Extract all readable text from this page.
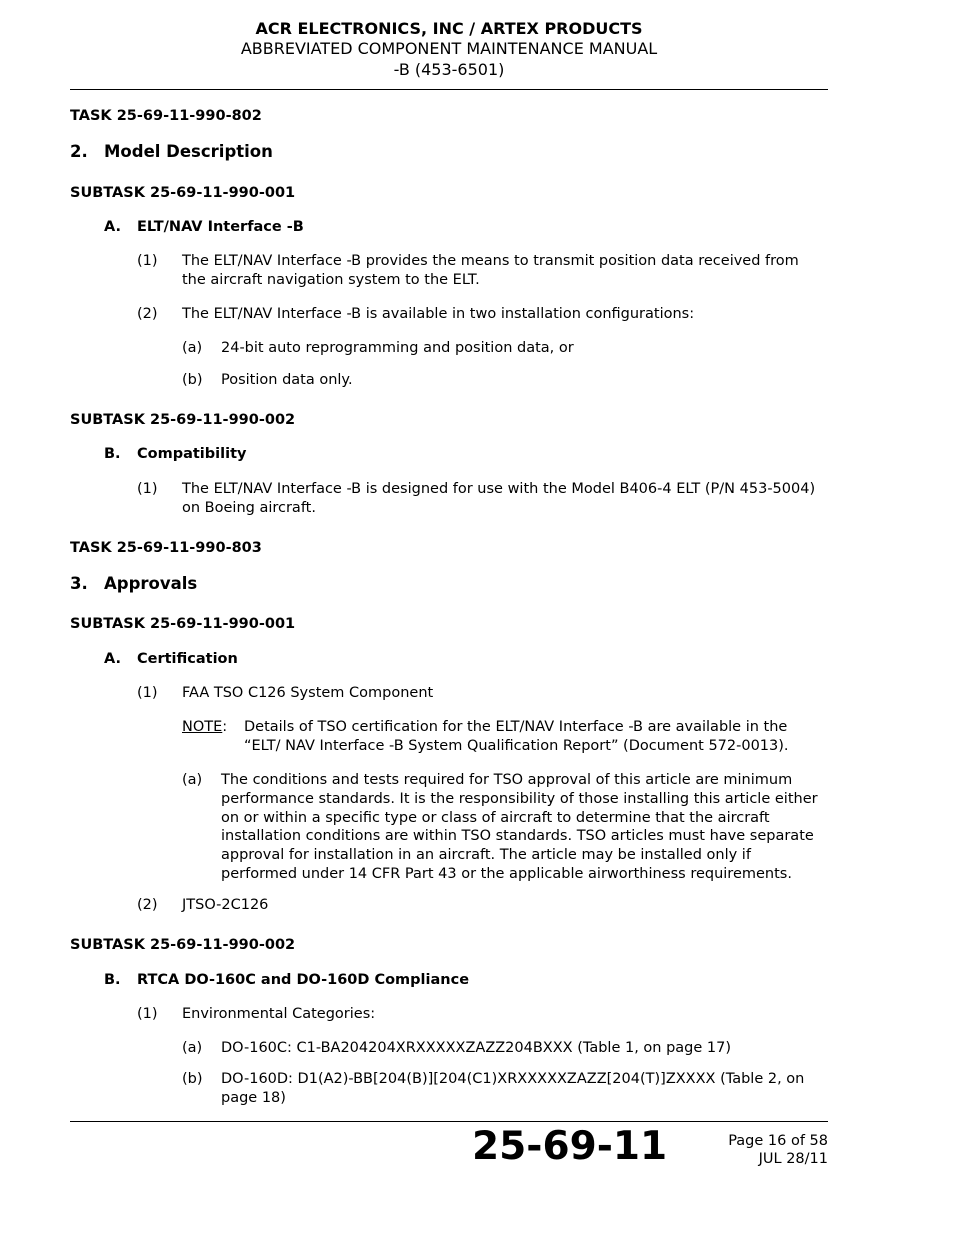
ACR ELECTRONICS, INC / ARTEX PRODUCTS
ABBREVIATED COMPONENT MAINTENANCE MANUAL
-B (453-6501)
TASK 25-69-11-990-802
2. Model Description
SUBTASK 25-69-11-990-001
A. ELT/NAV Interface -B
(1) The ELT/NAV Interface -B provides the means to transmit position data received from the aircraft navigation system to the ELT.
(2) The ELT/NAV Interface -B is available in two installation configurations:
(a) 24-bit auto reprogramming and position data, or
(b) Position data only.
SUBTASK 25-69-11-990-002
B. Compatibility
(1) The ELT/NAV Interface -B is designed for use with the Model B406-4 ELT (P/N 453-5004) on Boeing aircraft.
TASK 25-69-11-990-803
3. Approvals
SUBTASK 25-69-11-990-001
A. Certification
(1) FAA TSO C126 System Component
NOTE: Details of TSO certification for the ELT/NAV Interface -B are available in the “ELT/ NAV Interface -B System Qualification Report” (Document 572-0013).
(a) The conditions and tests required for TSO approval of this article are minimum performance standards. It is the responsibility of those installing this article either on or within a specific type or class of aircraft to determine that the aircraft installation conditions are within TSO standards. TSO articles must have separate approval for installation in an aircraft. The article may be installed only if performed under 14 CFR Part 43 or the applicable airworthiness requirements.
(2) JTSO-2C126
SUBTASK 25-69-11-990-002
B. RTCA DO-160C and DO-160D Compliance
(1) Environmental Categories:
(a) DO-160C: C1-BA204204XRXXXXXZAZZ204BXXX (Table 1, on page 17)
(b) DO-160D: D1(A2)-BB[204(B)][204(C1)XRXXXXXZAZZ[204(T)]ZXXXX (Table 2, on page 18)
25-69-11	Page 16 of 58
JUL 28/11
